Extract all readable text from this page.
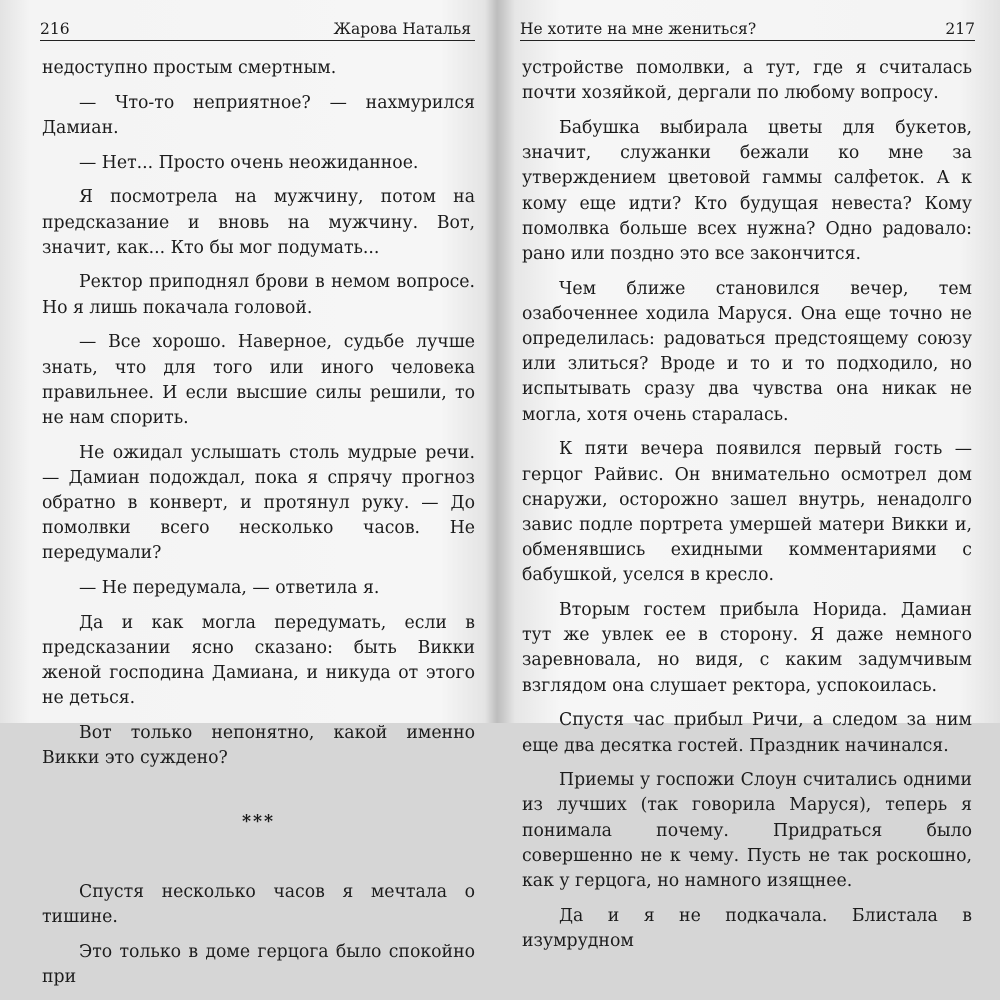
216	Жарова Наталья

недоступно простым смертным.

— Что-то неприятное? — нахмурился Дамиан.

— Нет... Просто очень неожиданное.

Я посмотрела на мужчину, потом на предсказание и вновь на мужчину. Вот, значит, как... Кто бы мог подумать...

Ректор приподнял брови в немом вопросе. Но я лишь покачала головой.

— Все хорошо. Наверное, судьбе лучше знать, что для того или иного человека правильнее. И если высшие силы решили, то не нам спорить.

Не ожидал услышать столь мудрые речи. — Дамиан подождал, пока я спрячу прогноз обратно в конверт, и протянул руку. — До помолвки всего несколько часов. Не передумали?

— Не передумала, — ответила я.

Да и как могла передумать, если в предсказании ясно сказано: быть Викки женой господина Дамиана, и никуда от этого не деться.

Вот только непонятно, какой именно Викки это суждено?

***

Спустя несколько часов я мечтала о тишине.

Это только в доме герцога было спокойно при

Не хотите на мне жениться?	217

устройстве помолвки, а тут, где я считалась почти хозяйкой, дергали по любому вопросу.

Бабушка выбирала цветы для букетов, значит, служанки бежали ко мне за утверждением цветовой гаммы салфеток. А к кому еще идти? Кто будущая невеста? Кому помолвка больше всех нужна? Одно радовало: рано или поздно это все закончится.

Чем ближе становился вечер, тем озабоченнее ходила Маруся. Она еще точно не определилась: радоваться предстоящему союзу или злиться? Вроде и то и то подходило, но испытывать сразу два чувства она никак не могла, хотя очень старалась.

К пяти вечера появился первый гость — герцог Райвис. Он внимательно осмотрел дом снаружи, осторожно зашел внутрь, ненадолго завис подле портрета умершей матери Викки и, обменявшись ехидными комментариями с бабушкой, уселся в кресло.

Вторым гостем прибыла Норида. Дамиан тут же увлек ее в сторону. Я даже немного заревновала, но видя, с каким задумчивым взглядом она слушает ректора, успокоилась.

Спустя час прибыл Ричи, а следом за ним еще два десятка гостей. Праздник начинался.

Приемы у госпожи Слоун считались одними из лучших (так говорила Маруся), теперь я понимала почему. Придраться было совершенно не к чему. Пусть не так роскошно, как у герцога, но намного изящнее.

Да и я не подкачала. Блистала в изумрудном
